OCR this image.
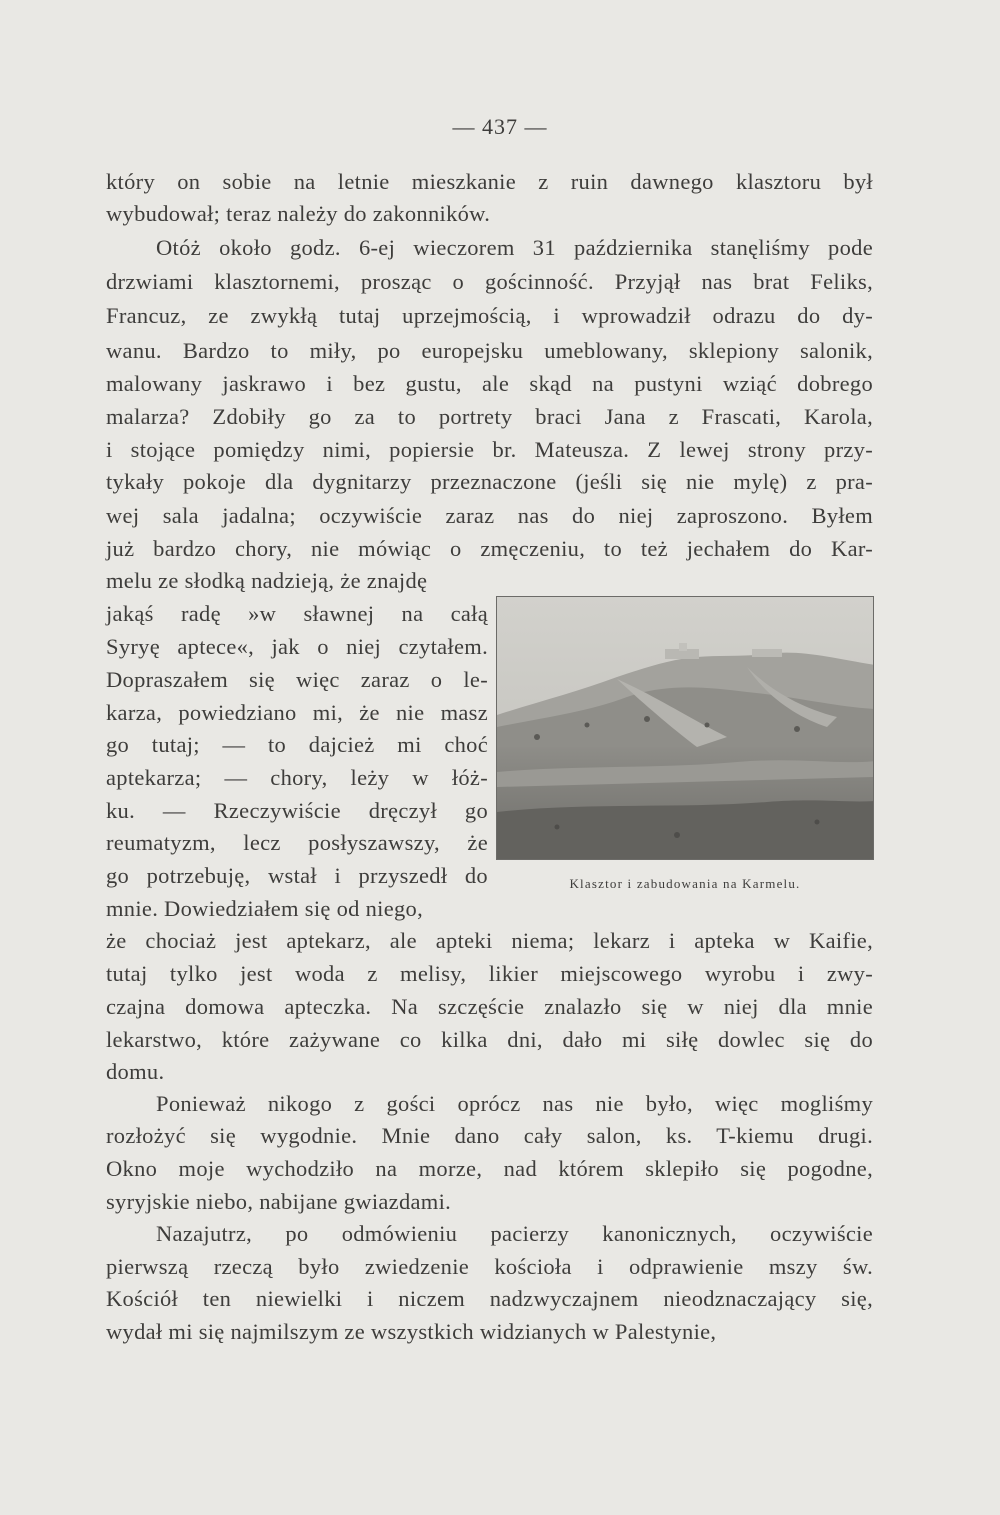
— 437 —
który on sobie na letnie mieszkanie z ruin dawnego klasztoru był
wybudował; teraz należy do zakonników.
Otóż około godz. 6-ej wieczorem 31 października stanęliśmy pode
drzwiami klasztornemi, prosząc o gościnność. Przyjął nas brat Feliks,
Francuz, ze zwykłą tutaj uprzejmością, i wprowadził odrazu do dy-
wanu. Bardzo to miły, po europejsku umeblowany, sklepiony salonik,
malowany jaskrawo i bez gustu, ale skąd na pustyni wziąć dobrego
malarza? Zdobiły go za to portrety braci Jana z Frascati, Karola,
i stojące pomiędzy nimi, popiersie br. Mateusza. Z lewej strony przy-
tykały pokoje dla dygnitarzy przeznaczone (jeśli się nie mylę) z pra-
wej sala jadalna; oczywiście zaraz nas do niej zaproszono. Byłem
już bardzo chory, nie mówiąc o zmęczeniu, to też jechałem do Kar-
melu ze słodką nadzieją, że znajdę
jakąś radę »w sławnej na całą
Syryę aptece«, jak o niej czytałem.
Dopraszałem się więc zaraz o le-
karza, powiedziano mi, że nie masz
go tutaj; — to dajcież mi choć
aptekarza; — chory, leży w łóż-
ku. — Rzeczywiście dręczył go
reumatyzm, lecz posłyszawszy, że
go potrzebuję, wstał i przyszedł do
mnie. Dowiedziałem się od niego,
że chociaż jest aptekarz, ale apteki niema; lekarz i apteka w Kaifie,
tutaj tylko jest woda z melisy, likier miejscowego wyrobu i zwy-
czajna domowa apteczka. Na szczęście znalazło się w niej dla mnie
lekarstwo, które zażywane co kilka dni, dało mi siłę dowlec się do
domu.
Ponieważ nikogo z gości oprócz nas nie było, więc mogliśmy
rozłożyć się wygodnie. Mnie dano cały salon, ks. T-kiemu drugi.
Okno moje wychodziło na morze, nad którem sklepiło się pogodne,
syryjskie niebo, nabijane gwiazdami.
Nazajutrz, po odmówieniu pacierzy kanonicznych, oczywiście
pierwszą rzeczą było zwiedzenie kościoła i odprawienie mszy św.
Kościół ten niewielki i niczem nadzwyczajnem nieodznaczający się,
wydał mi się najmilszym ze wszystkich widzianych w Palestynie,
Klasztor i zabudowania na Karmelu.
